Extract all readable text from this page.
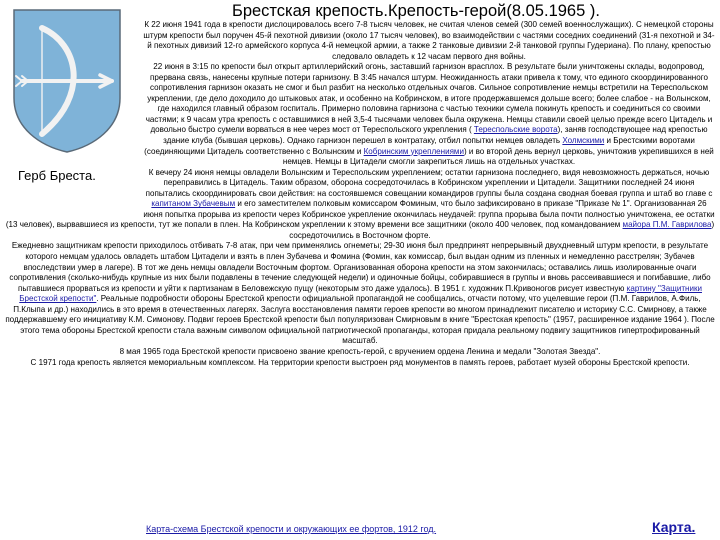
Брестская крепость.Крепость-герой(8.05.1965 ).

К 22 июня 1941 года в крепости дислоцировалось всего 7-8 тысяч человек, не считая членов семей (300 семей военнослужащих). С немецкой стороны штурм крепости был поручен 45-й пехотной дивизии (около 17 тысяч человек), во взаимодействии с частями соседних соединений (31-я пехотной и 34-й пехотных дивизий 12-го армейского корпуса 4-й немецкой армии, а также 2 танковые дивизии 2-й танковой группы Гудериана). По плану, крепостью следовало овладеть к 12 часам первого дня войны.

22 июня в 3:15 по крепости был открыт артиллерийский огонь, заставший гарнизон врасплох. В результате были уничтожены склады, водопровод, прервана связь, нанесены крупные потери гарнизону. В 3:45 начался штурм. Неожиданность атаки привела к тому, что единого скоординированного сопротивления гарнизон оказать не смог и был разбит на несколько отдельных очагов. Сильное сопротивление немцы встретили на Тереспольском укреплении, где дело доходило до штыковых атак, и особенно на Кобринском, в итоге продержавшемся дольше всего; более слабое - на Волынском, где находился главный образом госпиталь. Примерно половина гарнизона с частью техники сумела покинуть крепость и соединиться со своими частями; к 9 часам утра крепость с оставшимися в ней 3,5-4 тысячами человек была окружена. Немцы ставили своей целью прежде всего Цитадель и довольно быстро сумели ворваться в нее через мост от Тереспольского укрепления ( Тереспольские ворота), заняв господствующее над крепостью здание клуба (бывшая церковь). Однако гарнизон перешел в контратаку, отбил попытки немцев овладеть Холмскими и Брестскими воротами (соединяющими Цитадель соответственно с Волынским и Кобринским укреплениями) и во второй день вернул церковь, уничтожив укрепившихся в ней немцев. Немцы в Цитадели смогли закрепиться лишь на отдельных участках.

К вечеру 24 июня немцы овладели Волынским и Тереспольским укреплением; остатки гарнизона последнего, видя невозможность держаться, ночью переправились в Цитадель. Таким образом, оборона сосредоточилась в Кобринском укреплении и Цитадели. Защитники последней 24 июня попытались скоординировать свои действия: на состоявшемся совещании командиров группы была создана сводная боевая группа и штаб во главе с капитаном Зубачевым и его заместителем полковым комиссаром Фоминым, что было зафиксировано в приказе "Приказе № 1". Организованная 26 июня попытка прорыва из крепости через Кобринское укрепление окончилась неудачей: группа прорыва была почти полностью уничтожена, ее остатки (13 человек), вырвавшиеся из крепости, тут же попали в плен. На Кобринском укреплении к этому времени все защитники (около 400 человек, под командованием майора П.М. Гаврилова) сосредоточились в Восточном форте.

Ежедневно защитникам крепости приходилось отбивать 7-8 атак, при чем применялись огнеметы; 29-30 июня был предпринят непрерывный двухдневный штурм крепости, в результате которого немцам удалось овладеть штабом Цитадели и взять в плен Зубачева и Фомина (Фомин, как комиссар, был выдан одним из пленных и немедленно расстрелян; Зубачев впоследствии умер в лагере). В тот же день немцы овладели Восточным фортом. Организованная оборона крепости на этом закончилась; оставались лишь изолированные очаги сопротивления (сколько-нибудь крупные из них были подавлены в течение следующей недели) и одиночные бойцы, собиравшиеся в группы и вновь рассеивавшиеся и погибавшие, либо пытавшиеся прорваться из крепости и уйти к партизанам в Беловежскую пущу (некоторым это даже удалось). В 1951 г. художник П.Кривоногов рисует известную картину "Защитники Брестской крепости". Реальные подробности обороны Брестской крепости официальной пропагандой не сообщались, отчасти потому, что уцелевшие герои (П.М. Гаврилов, А.Филь, П.Клыпа и др.) находились в это время в отечественных лагерях. Заслуга восстановления памяти героев крепости во многом принадлежит писателю и историку С.С. Смирнову, а также поддержавшему его инициативу К.М. Симонову. Подвиг героев Брестской крепости был популяризован Смирновым в книге "Брестская крепость" (1957, расширенное издание 1964 ). После этого тема обороны Брестской крепости стала важным символом официальной патриотической пропаганды, которая придала реальному подвигу защитников гипертрофированный масштаб.

8 мая 1965 года Брестской крепости присвоено звание крепость-герой, с вручением ордена Ленина и медали "Золотая Звезда".

С 1971 года крепость является мемориальным комплексом. На территории крепости выстроен ряд монументов в память героев, работает музей обороны Брестской крепости.

Герб Бреста.
Карта-схема Брестской крепости и окружающих ее фортов, 1912 год.	Карта.
